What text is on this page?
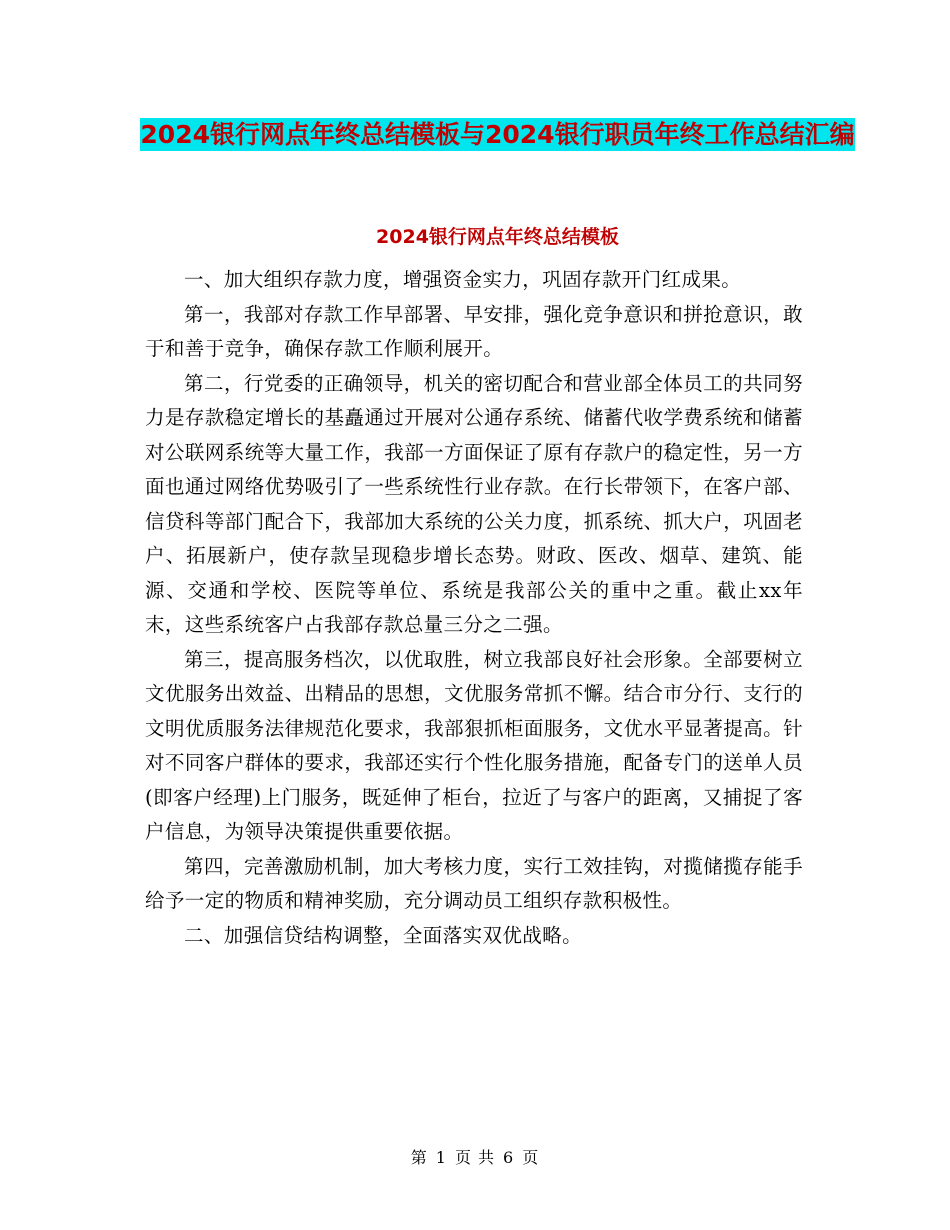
2024银行网点年终总结模板与2024银行职员年终工作总结汇编
2024银行网点年终总结模板

一、加大组织存款力度，增强资金实力，巩固存款开门红成果。

第一，我部对存款工作早部署、早安排，强化竞争意识和拼抢意识，敢于和善于竞争，确保存款工作顺利展开。

第二，行党委的正确领导，机关的密切配合和营业部全体员工的共同努力是存款稳定增长的基矗通过开展对公通存系统、储蓄代收学费系统和储蓄对公联网系统等大量工作，我部一方面保证了原有存款户的稳定性，另一方面也通过网络优势吸引了一些系统性行业存款。在行长带领下，在客户部、信贷科等部门配合下，我部加大系统的公关力度，抓系统、抓大户，巩固老户、拓展新户，使存款呈现稳步增长态势。财政、医改、烟草、建筑、能源、交通和学校、医院等单位、系统是我部公关的重中之重。截止xx年末，这些系统客户占我部存款总量三分之二强。

第三，提高服务档次，以优取胜，树立我部良好社会形象。全部要树立文优服务出效益、出精品的思想，文优服务常抓不懈。结合市分行、支行的文明优质服务法律规范化要求，我部狠抓柜面服务，文优水平显著提高。针对不同客户群体的要求，我部还实行个性化服务措施，配备专门的送单人员(即客户经理)上门服务，既延伸了柜台，拉近了与客户的距离，又捕捉了客户信息，为领导决策提供重要依据。

第四，完善激励机制，加大考核力度，实行工效挂钩，对揽储揽存能手给予一定的物质和精神奖励，充分调动员工组织存款积极性。

二、加强信贷结构调整，全面落实双优战略。

第 1 页 共 6 页
